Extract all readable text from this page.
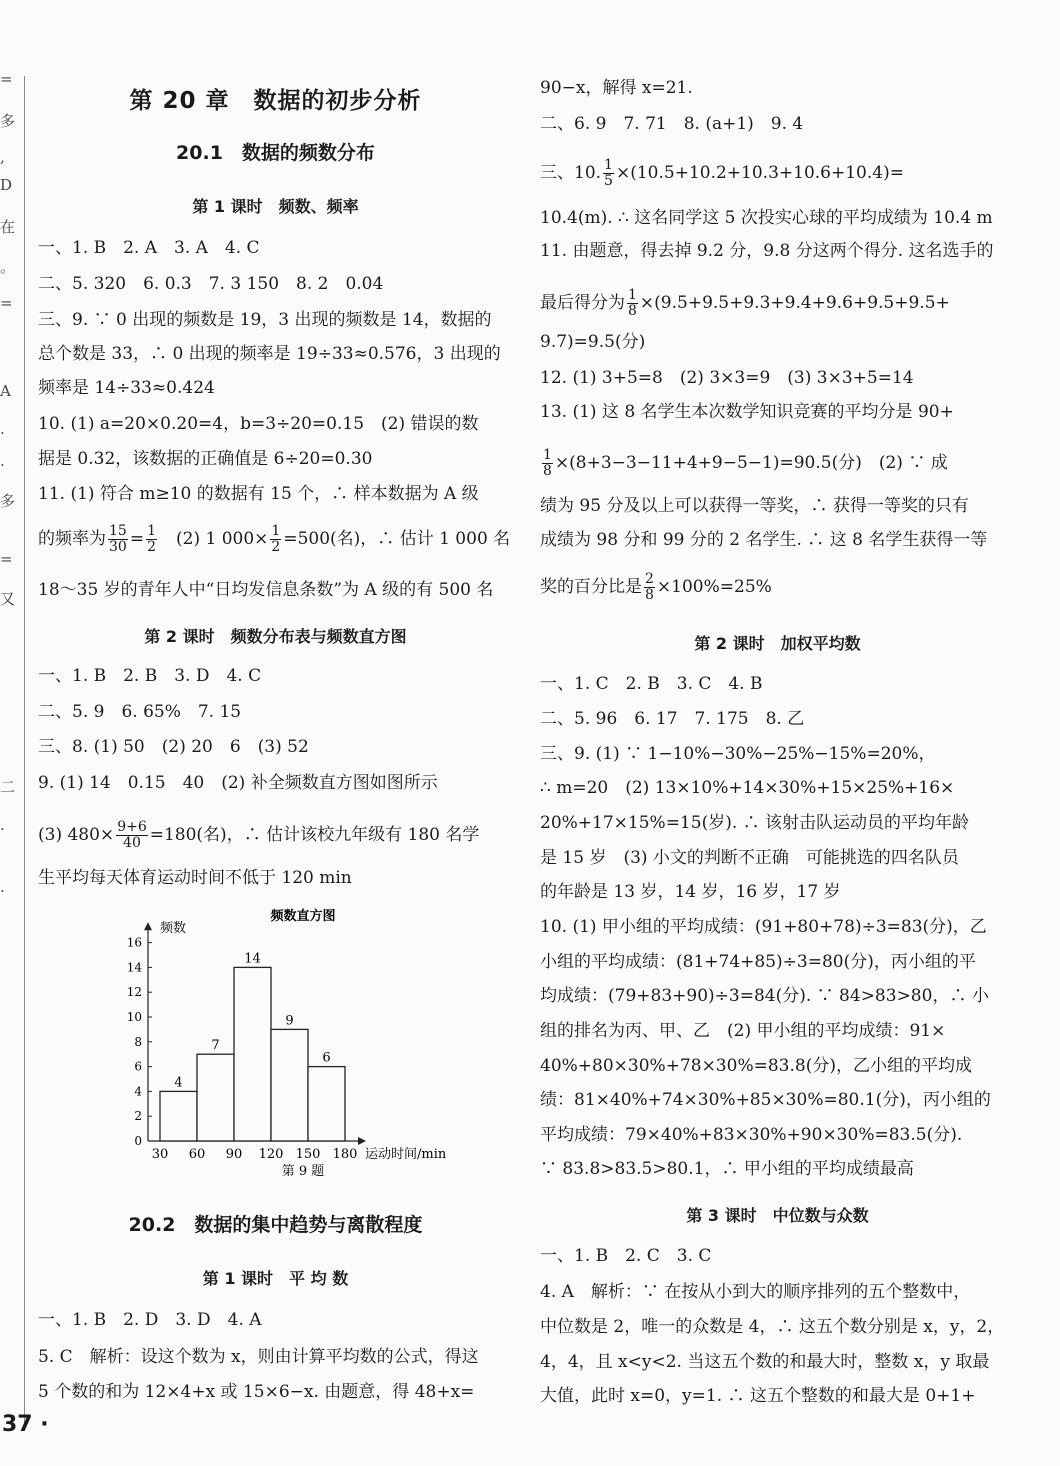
=
多
,
D
在
。
=
A
·
·
多
=
又
二
·
·
第 20 章　数据的初步分析
20.1　数据的频数分布
第 1 课时　频数、频率
一、1. B　2. A　3. A　4. C
二、5. 320　6. 0.3　7. 3 150　8. 2　0.04
三、9. ∵ 0 出现的频数是 19，3 出现的频数是 14，数据的
总个数是 33，∴ 0 出现的频率是 19÷33≈0.576，3 出现的
频率是 14÷33≈0.424
10. (1) a=20×0.20=4，b=3÷20=0.15　(2) 错误的数
据是 0.32，该数据的正确值是 6÷20=0.30
11. (1) 符合 m≥10 的数据有 15 个，∴ 样本数据为 A 级
的频率为 $\frac{15}{30} = \frac{1}{2}$ 　(2) 1 $000\times \frac{1}{2} =500$(名)，∴ 估计 1 000 名
18～35 岁的青年人中“日均发信息条数”为 A 级的有 500 名
第 2 课时　频数分布表与频数直方图
一、1. B　2. B　3. D　4. C
二、5. 9　6. 65%　7. 15
三、8. (1) 50　(2) 20　6　(3) 52
9. (1) 14　0.15　40　(2) 补全频数直方图如图所示
(3) $480\times \frac{9+6}{40} =180$(名)，∴ 估计该校九年级有 180 名学
生平均每天体育运动时间不低于 120 min
频数直方图
频数
0
2
4
6
8
10
12
14
16
4
7
14
9
6
30 60 90 120 150 180 运动时间/min
第 9 题
20.2　数据的集中趋势与离散程度
第 1 课时　平 均 数
一、1. B　2. D　3. D　4. A
5. C　解析：设这个数为 x，则由计算平均数的公式，得这
5 个数的和为 12×4+x 或 15×6−x. 由题意，得 48+x=
90−x，解得 x=21.
二、6. 9　7. 71　8. (a+1)　9. 4
三、10. $\frac{1}{5} \times(10.5+10.2+10.3+10.6+10.4)=$
10.4(m). ∴ 这名同学这 5 次投实心球的平均成绩为 10.4 m
11. 由题意，得去掉 9.2 分，9.8 分这两个得分. 这名选手的
最后得分为 $\frac{1}{8} \times(9.5+9.5+9.3+9.4+9.6+9.5+9.5+$
9.7)=9.5(分)
12. (1) 3+5=8　(2) 3×3=9　(3) 3×3+5=14
13. (1) 这 8 名学生本次数学知识竞赛的平均分是 90+
$\frac{1}{8} \times(8+3-3-11+4+9-5-1)=90.5$(分)　(2) ∵ 成
绩为 95 分及以上可以获得一等奖，∴ 获得一等奖的只有
成绩为 98 分和 99 分的 2 名学生. ∴ 这 8 名学生获得一等
奖的百分比是 $\frac{2}{8} \times 100\%=25\%$
第 2 课时　加权平均数
一、1. C　2. B　3. C　4. B
二、5. 96　6. 17　7. 175　8. 乙
三、9. (1) ∵ 1−10%−30%−25%−15%=20%，
∴ m=20　(2) 13×10%+14×30%+15×25%+16×
20%+17×15%=15(岁). ∴ 该射击队运动员的平均年龄
是 15 岁　(3) 小文的判断不正确　可能挑选的四名队员
的年龄是 13 岁，14 岁，16 岁，17 岁
10. (1) 甲小组的平均成绩：(91+80+78)÷3=83(分)，乙
小组的平均成绩：(81+74+85)÷3=80(分)，丙小组的平
均成绩：(79+83+90)÷3=84(分). ∵ 84>83>80，∴ 小
组的排名为丙、甲、乙　(2) 甲小组的平均成绩：91×
40%+80×30%+78×30%=83.8(分)，乙小组的平均成
绩：81×40%+74×30%+85×30%=80.1(分)，丙小组的
平均成绩：79×40%+83×30%+90×30%=83.5(分).
∵ 83.8>83.5>80.1，∴ 甲小组的平均成绩最高
第 3 课时　中位数与众数
一、1. B　2. C　3. C
4. A　解析：∵ 在按从小到大的顺序排列的五个整数中，
中位数是 2，唯一的众数是 4，∴ 这五个数分别是 x，y，2，
4，4，且 x<y<2. 当这五个数的和最大时，整数 x，y 取最
大值，此时 x=0，y=1. ∴ 这五个整数的和最大是 0+1+
37 ·
